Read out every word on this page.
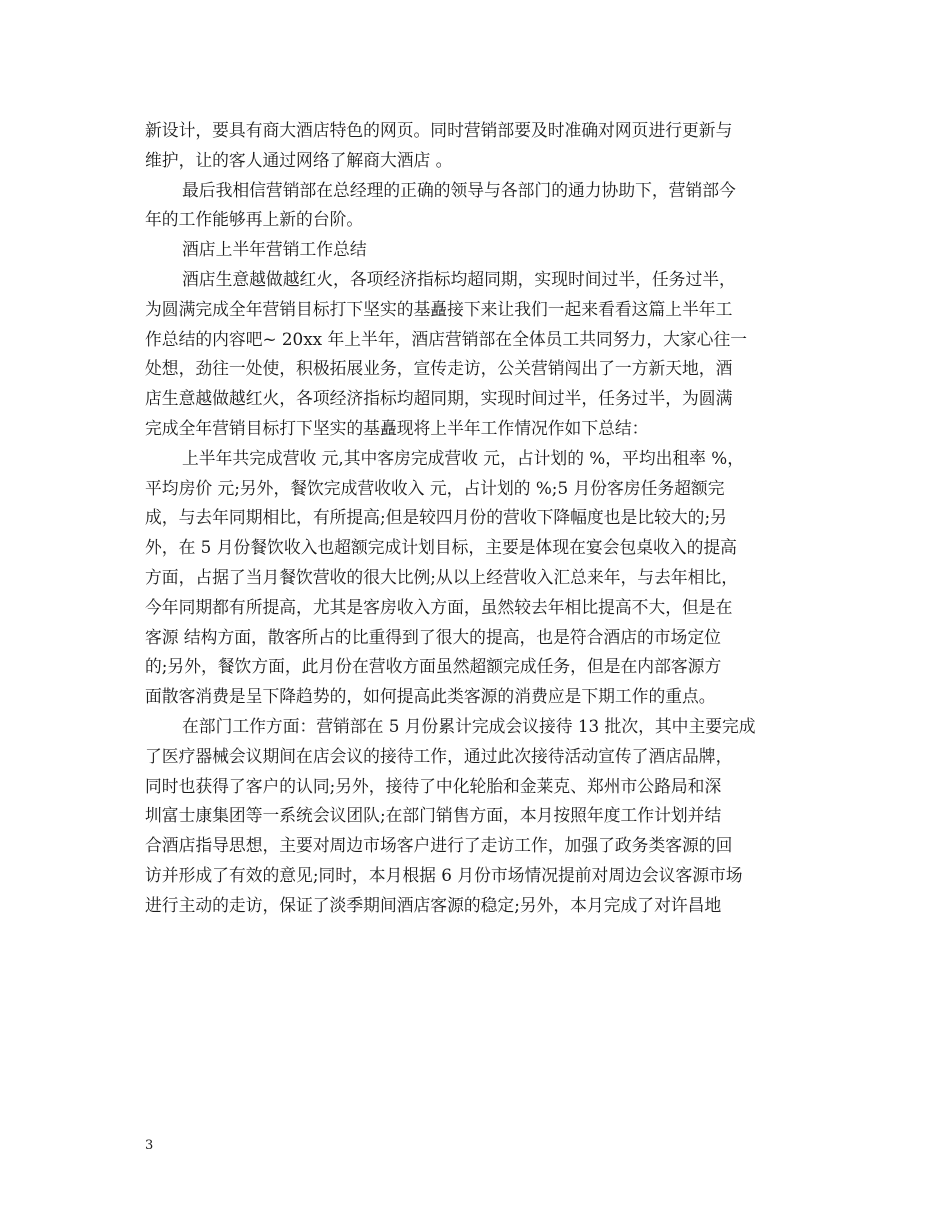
新设计，要具有商大酒店特色的网页。同时营销部要及时准确对网页进行更新与
维护，让的客人通过网络了解商大酒店 。
最后我相信营销部在总经理的正确的领导与各部门的通力协助下，营销部今
年的工作能够再上新的台阶。
酒店上半年营销工作总结
酒店生意越做越红火，各项经济指标均超同期，实现时间过半，任务过半，
为圆满完成全年营销目标打下坚实的基矗接下来让我们一起来看看这篇上半年工
作总结的内容吧~ 20xx 年上半年，酒店营销部在全体员工共同努力，大家心往一
处想，劲往一处使，积极拓展业务，宣传走访，公关营销闯出了一方新天地，酒
店生意越做越红火，各项经济指标均超同期，实现时间过半，任务过半，为圆满
完成全年营销目标打下坚实的基矗现将上半年工作情况作如下总结：
上半年共完成营收 元,其中客房完成营收 元，占计划的 %，平均出租率 %，
平均房价 元;另外，餐饮完成营收收入 元，占计划的 %;5 月份客房任务超额完
成，与去年同期相比，有所提高;但是较四月份的营收下降幅度也是比较大的;另
外，在 5 月份餐饮收入也超额完成计划目标，主要是体现在宴会包桌收入的提高
方面，占据了当月餐饮营收的很大比例;从以上经营收入汇总来年，与去年相比，
今年同期都有所提高，尤其是客房收入方面，虽然较去年相比提高不大，但是在
客源 结构方面，散客所占的比重得到了很大的提高，也是符合酒店的市场定位
的;另外，餐饮方面，此月份在营收方面虽然超额完成任务，但是在内部客源方
面散客消费是呈下降趋势的，如何提高此类客源的消费应是下期工作的重点。
在部门工作方面：营销部在 5 月份累计完成会议接待 13 批次，其中主要完成
了医疗器械会议期间在店会议的接待工作，通过此次接待活动宣传了酒店品牌，
同时也获得了客户的认同;另外，接待了中化轮胎和金莱克、郑州市公路局和深
圳富士康集团等一系统会议团队;在部门销售方面，本月按照年度工作计划并结
合酒店指导思想，主要对周边市场客户进行了走访工作，加强了政务类客源的回
访并形成了有效的意见;同时，本月根据 6 月份市场情况提前对周边会议客源市场
进行主动的走访，保证了淡季期间酒店客源的稳定;另外，本月完成了对许昌地
3
